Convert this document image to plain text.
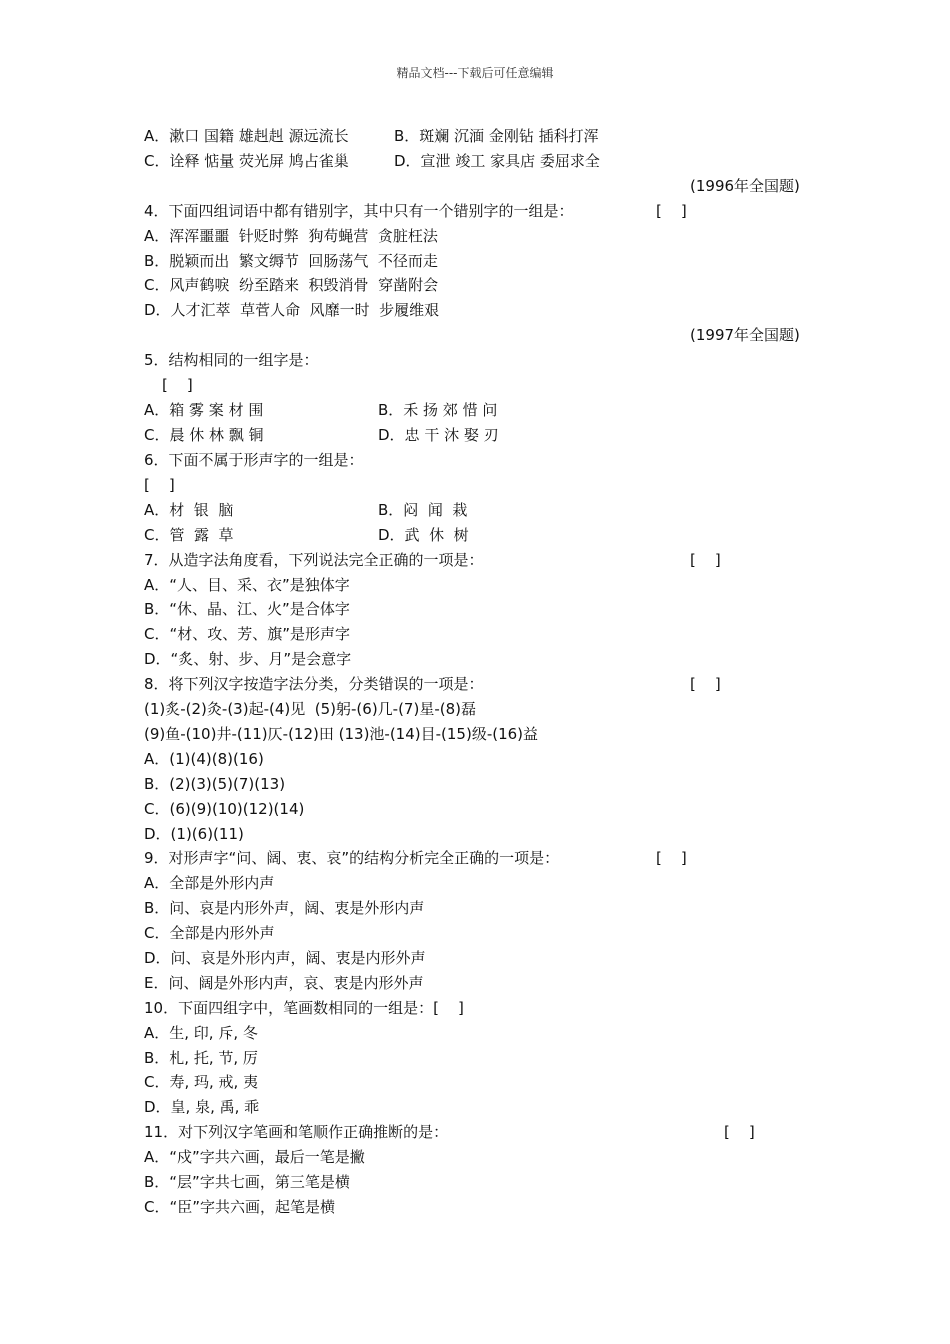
精品文档---下载后可任意编辑
A．漱口 国籍 雄赳赳 源远流长	B．斑斓 沉湎 金刚钻 插科打浑
C．诠释 惦量 荧光屏 鸠占雀巢	D．宣泄 竣工 家具店 委屈求全
(1996年全国题)
4．下面四组词语中都有错别字，其中只有一个错别字的一组是：	[    ]
A．浑浑噩噩  针贬时弊  狗苟蝇营  贪脏枉法
B．脱颖而出  繁文缛节  回肠荡气  不径而走
C．风声鹤唳  纷至踏来  积毁消骨  穿凿附会
D．人才汇萃  草菅人命  风靡一时  步履维艰
(1997年全国题)
5．结构相同的一组字是：
[    ]
A．箱 雾 案 材 围	B．禾 扬 郊 惜 问
C．晨 休 林 飘 铜	D．忠 干 沐 娶 刃
6．下面不属于形声字的一组是：
[    ]
A．材  银  脑	B．闷  闻  栽
C．管  露  草	D．武  休  树
7．从造字法角度看，下列说法完全正确的一项是：	[    ]
A．“人、目、采、衣”是独体字
B．“休、晶、江、火”是合体字
C．“材、攻、芳、旗”是形声字
D．“炙、射、步、月”是会意字
8．将下列汉字按造字法分类，分类错误的一项是：	[    ]
(1)炙-(2)灸-(3)起-(4)见  (5)躬-(6)几-(7)星-(8)磊
(9)鱼-(10)井-(11)仄-(12)田 (13)池-(14)目-(15)级-(16)益
A．(1)(4)(8)(16)
B．(2)(3)(5)(7)(13)
C．(6)(9)(10)(12)(14)
D．(1)(6)(11)
9．对形声字“问、阔、衷、哀”的结构分析完全正确的一项是：	[    ]
A．全部是外形内声
B．问、哀是内形外声，阔、衷是外形内声
C．全部是内形外声
D．问、哀是外形内声，阔、衷是内形外声
E．问、阔是外形内声，哀、衷是内形外声
10．下面四组字中，笔画数相同的一组是：[    ]
A．生, 印, 斥, 冬
B．札, 托, 节, 厉
C．寿, 玛, 戒, 夷
D．皇, 泉, 禹, 乖
11．对下列汉字笔画和笔顺作正确推断的是：	[    ]
A．“戍”字共六画，最后一笔是撇
B．“层”字共七画，第三笔是横
C．“臣”字共六画，起笔是横
